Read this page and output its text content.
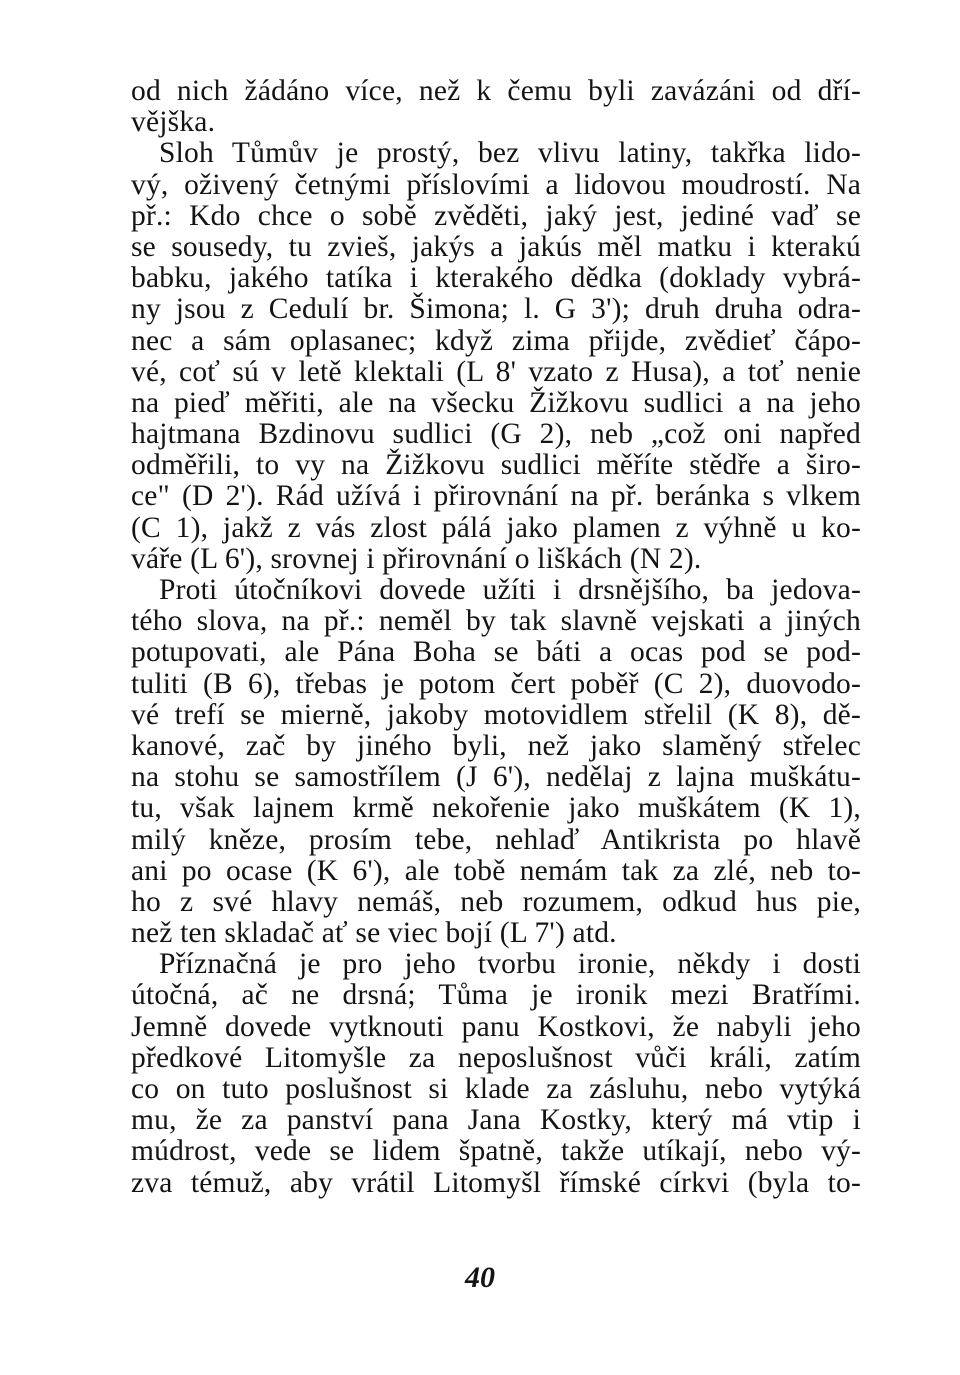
od nich žádáno více, než k čemu byli zavázáni od dří-
vějška.
Sloh Tůmův je prostý, bez vlivu latiny, takřka lido-
vý, oživený četnými příslovími a lidovou moudrostí. Na
př.: Kdo chce o sobě zvěděti, jaký jest, jediné vaď se
se sousedy, tu zvieš, jakýs a jakús měl matku i kterakú
babku, jakého tatíka i kterakého dědka (doklady vybrá-
ny jsou z Cedulí br. Šimona; l. G 3'); druh druha odra-
nec a sám oplasanec; když zima přijde, zvědieť čápo-
vé, coť sú v letě klektali (L 8' vzato z Husa), a toť nenie
na pieď měřiti, ale na všecku Žižkovu sudlici a na jeho
hajtmana Bzdinovu sudlici (G 2), neb „což oni napřed
odměřili, to vy na Žižkovu sudlici měříte stědře a širo-
ce" (D 2'). Rád užívá i přirovnání na př. beránka s vlkem
(C 1), jakž z vás zlost pálá jako plamen z výhně u ko-
váře (L 6'), srovnej i přirovnání o liškách (N 2).
Proti útočníkovi dovede užíti i drsnějšího, ba jedova-
tého slova, na př.: neměl by tak slavně vejskati a jiných
potupovati, ale Pána Boha se báti a ocas pod se pod-
tuliti (B 6), třebas je potom čert poběř (C 2), duovodo-
vé trefí se mierně, jakoby motovidlem střelil (K 8), dě-
kanové, zač by jiného byli, než jako slaměný střelec
na stohu se samostřílem (J 6'), nedělaj z lajna muškátu-
tu, však lajnem krmě nekořenie jako muškátem (K 1),
milý kněze, prosím tebe, nehlaď Antikrista po hlavě
ani po ocase (K 6'), ale tobě nemám tak za zlé, neb to-
ho z své hlavy nemáš, neb rozumem, odkud hus pie,
než ten skladač ať se viec bojí (L 7') atd.
Příznačná je pro jeho tvorbu ironie, někdy i dosti
útočná, ač ne drsná; Tůma je ironik mezi Bratřími.
Jemně dovede vytknouti panu Kostkovi, že nabyli jeho
předkové Litomyšle za neposlušnost vůči králi, zatím
co on tuto poslušnost si klade za zásluhu, nebo vytýká
mu, že za panství pana Jana Kostky, který má vtip i
múdrost, vede se lidem špatně, takže utíkají, nebo vý-
zva témuž, aby vrátil Litomyšl římské církvi (byla to-
40
